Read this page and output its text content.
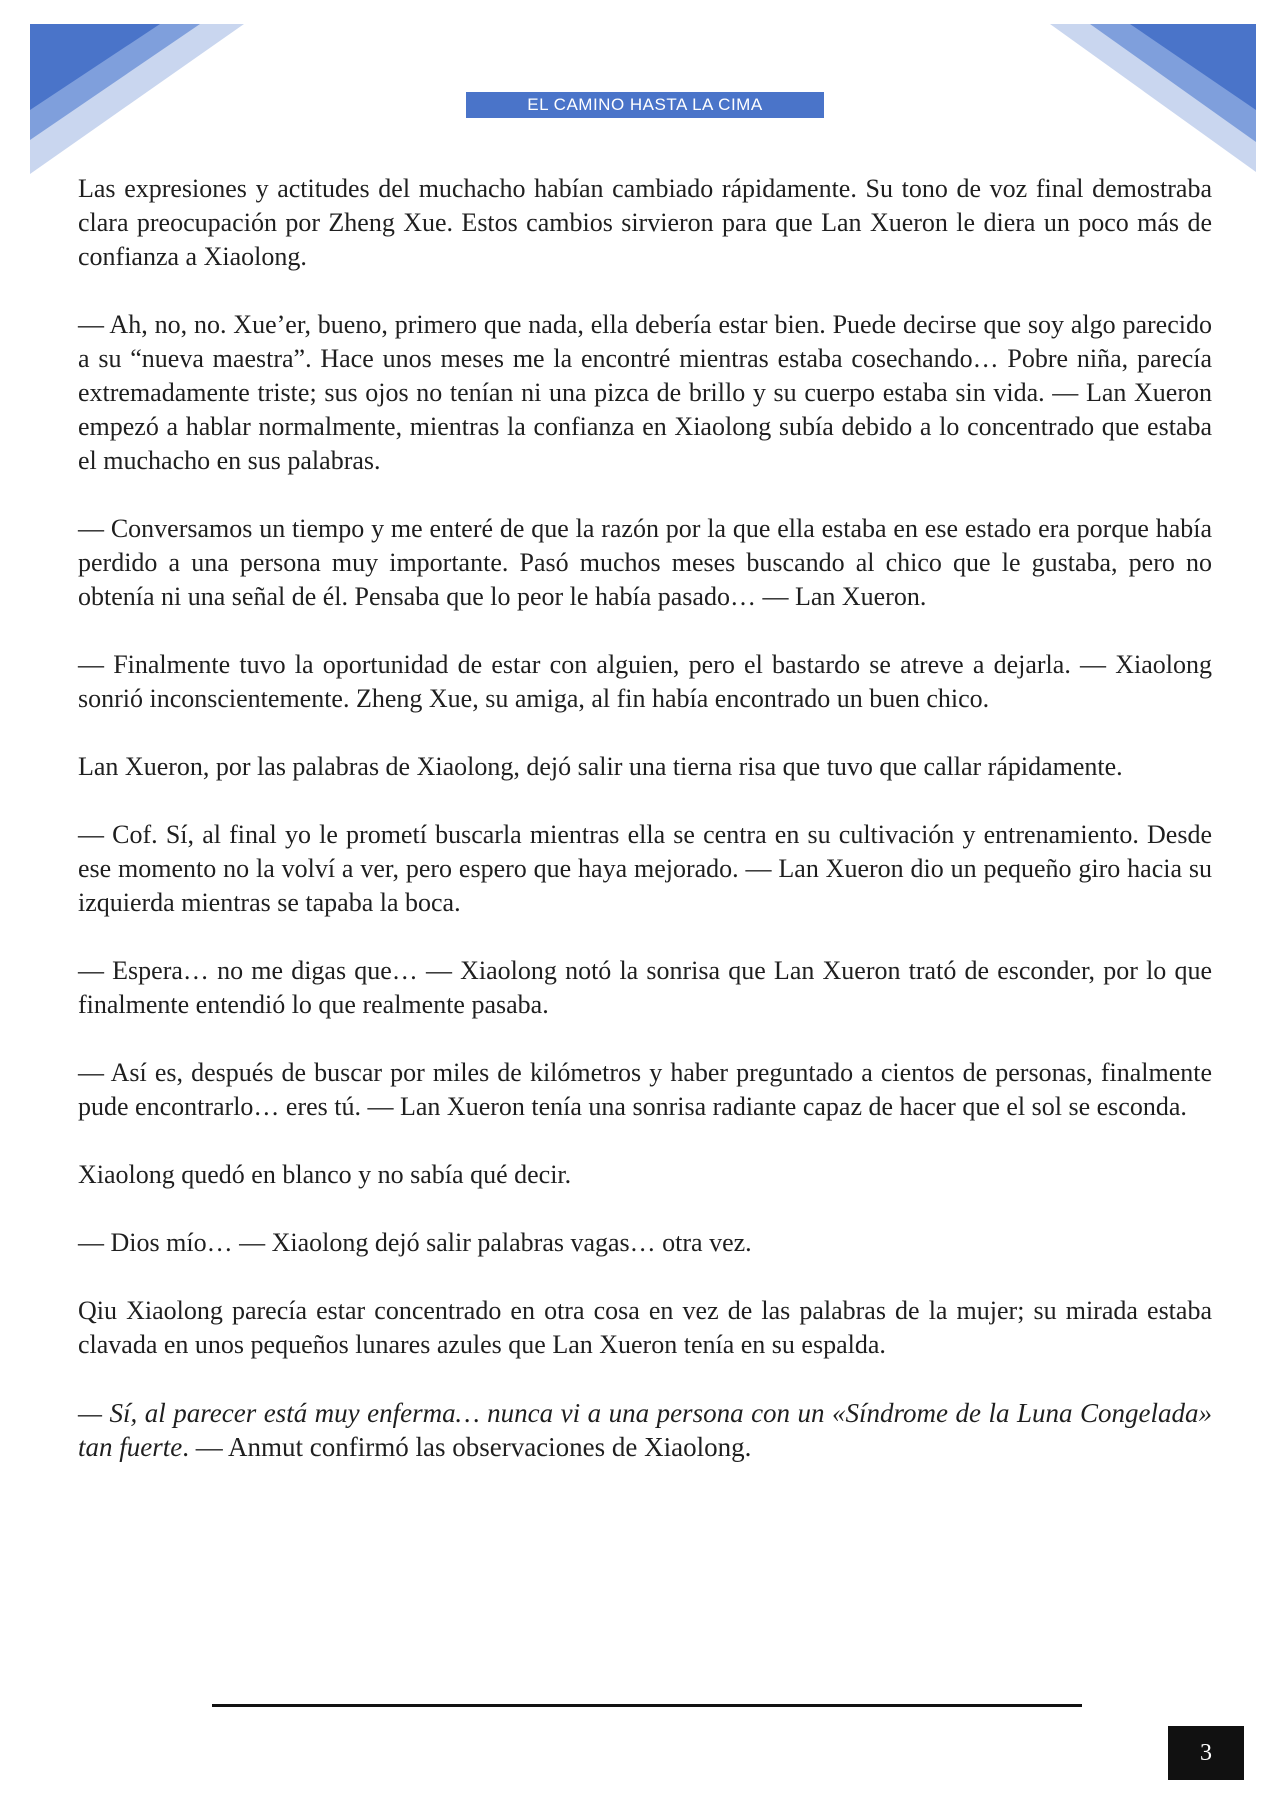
EL CAMINO HASTA LA CIMA

Las expresiones y actitudes del muchacho habían cambiado rápidamente. Su tono de voz final demostraba clara preocupación por Zheng Xue. Estos cambios sirvieron para que Lan Xueron le diera un poco más de confianza a Xiaolong.

— Ah, no, no. Xue’er, bueno, primero que nada, ella debería estar bien. Puede decirse que soy algo parecido a su “nueva maestra”. Hace unos meses me la encontré mientras estaba cosechando… Pobre niña, parecía extremadamente triste; sus ojos no tenían ni una pizca de brillo y su cuerpo estaba sin vida. — Lan Xueron empezó a hablar normalmente, mientras la confianza en Xiaolong subía debido a lo concentrado que estaba el muchacho en sus palabras.

— Conversamos un tiempo y me enteré de que la razón por la que ella estaba en ese estado era porque había perdido a una persona muy importante. Pasó muchos meses buscando al chico que le gustaba, pero no obtenía ni una señal de él. Pensaba que lo peor le había pasado… — Lan Xueron.

— Finalmente tuvo la oportunidad de estar con alguien, pero el bastardo se atreve a dejarla. — Xiaolong sonrió inconscientemente. Zheng Xue, su amiga, al fin había encontrado un buen chico.

Lan Xueron, por las palabras de Xiaolong, dejó salir una tierna risa que tuvo que callar rápidamente.

— Cof. Sí, al final yo le prometí buscarla mientras ella se centra en su cultivación y entrenamiento. Desde ese momento no la volví a ver, pero espero que haya mejorado. — Lan Xueron dio un pequeño giro hacia su izquierda mientras se tapaba la boca.

— Espera… no me digas que… — Xiaolong notó la sonrisa que Lan Xueron trató de esconder, por lo que finalmente entendió lo que realmente pasaba.

— Así es, después de buscar por miles de kilómetros y haber preguntado a cientos de personas, finalmente pude encontrarlo… eres tú. — Lan Xueron tenía una sonrisa radiante capaz de hacer que el sol se esconda.

Xiaolong quedó en blanco y no sabía qué decir.

— Dios mío… — Xiaolong dejó salir palabras vagas… otra vez.

Qiu Xiaolong parecía estar concentrado en otra cosa en vez de las palabras de la mujer; su mirada estaba clavada en unos pequeños lunares azules que Lan Xueron tenía en su espalda.

— Sí, al parecer está muy enferma… nunca vi a una persona con un «Síndrome de la Luna Congelada» tan fuerte. — Anmut confirmó las observaciones de Xiaolong.

3
